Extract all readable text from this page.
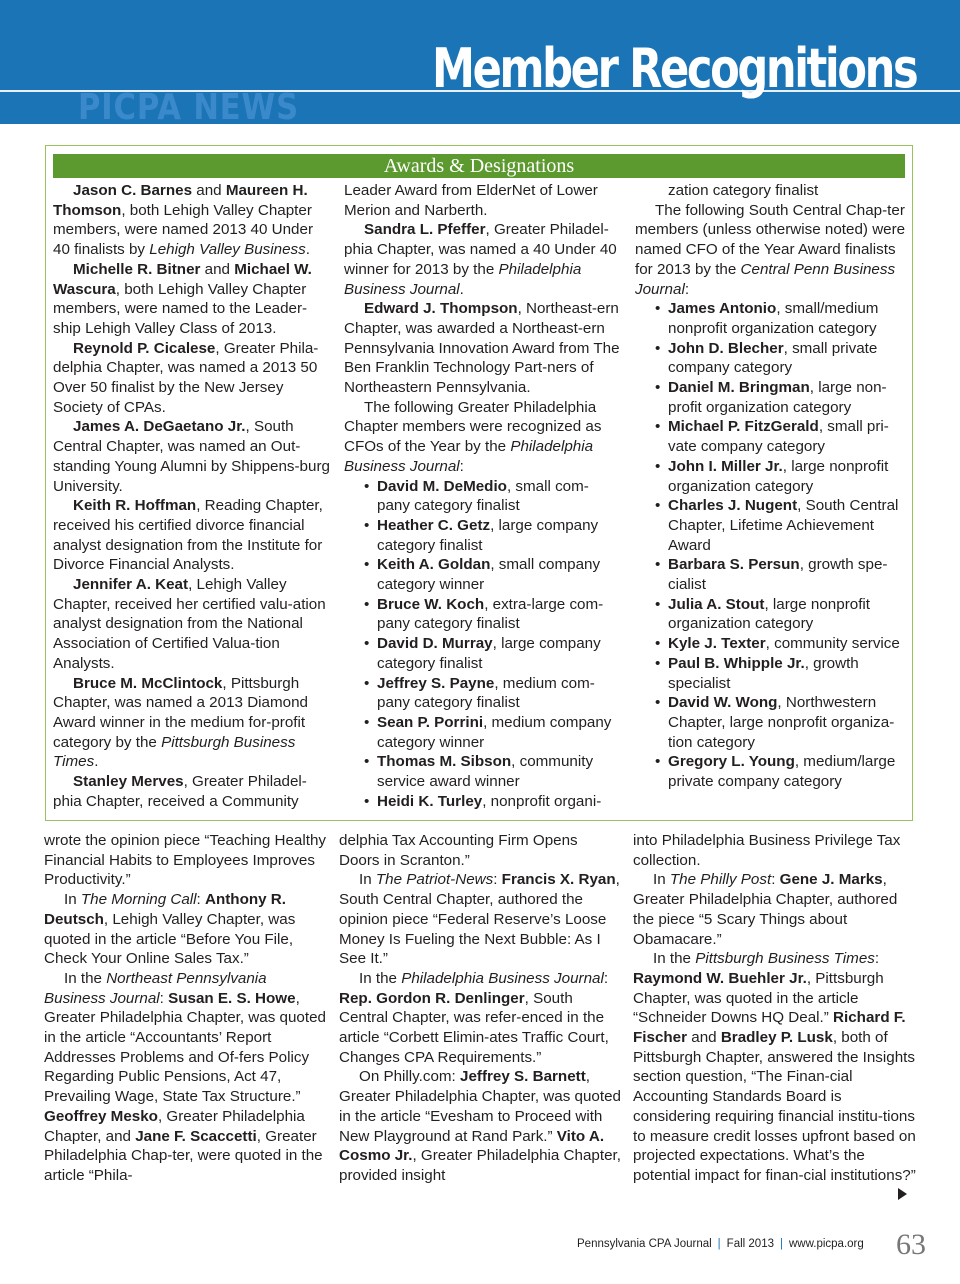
Member Recognitions
PICPA NEWS
Awards & Designations

Jason C. Barnes and Maureen H.

Thomson, both Lehigh Valley Chapter members, were named 2013 40 Under 40 finalists by Lehigh Valley Business.

Michelle R. Bitner and Michael W.

Wascura, both Lehigh Valley Chapter members, were named to the Leader-ship Lehigh Valley Class of 2013.

Reynold P. Cicalese, Greater Phila-delphia Chapter, was named a 2013 50 Over 50 finalist by the New Jersey Society of CPAs.

James A. DeGaetano Jr., South Central Chapter, was named an Out-standing Young Alumni by Shippens-burg University.

Keith R. Hoffman, Reading Chapter, received his certified divorce financial analyst designation from the Institute for Divorce Financial Analysts.

Jennifer A. Keat, Lehigh Valley Chapter, received her certified valu-ation analyst designation from the National Association of Certified Valua-tion Analysts.

Bruce M. McClintock, Pittsburgh Chapter, was named a 2013 Diamond Award winner in the medium for-profit category by the Pittsburgh Business Times.

Stanley Merves, Greater Philadel-phia Chapter, received a Community

Leader Award from ElderNet of Lower Merion and Narberth.

Sandra L. Pfeffer, Greater Philadel-phia Chapter, was named a 40 Under 40 winner for 2013 by the Philadelphia Business Journal.

Edward J. Thompson, Northeast-ern Chapter, was awarded a Northeast-ern Pennsylvania Innovation Award from The Ben Franklin Technology Part-ners of Northeastern Pennsylvania.

The following Greater Philadelphia Chapter members were recognized as CFOs of the Year by the Philadelphia Business Journal:

• David M. DeMedio, small com-pany category finalist
• Heather C. Getz, large company category finalist
• Keith A. Goldan, small company category winner
• Bruce W. Koch, extra-large com-pany category finalist
• David D. Murray, large company category finalist
• Jeffrey S. Payne, medium com-pany category finalist
• Sean P. Porrini, medium company category winner
• Thomas M. Sibson, community service award winner
• Heidi K. Turley, nonprofit organi-

zation category finalist

The following South Central Chap-ter members (unless otherwise noted) were named CFO of the Year Award finalists for 2013 by the Central Penn Business Journal:

• James Antonio, small/medium nonprofit organization category
• John D. Blecher, small private company category
• Daniel M. Bringman, large non-profit organization category
• Michael P. FitzGerald, small pri-vate company category
• John I. Miller Jr., large nonprofit organization category
• Charles J. Nugent, South Central Chapter, Lifetime Achievement Award
• Barbara S. Persun, growth spe-cialist
• Julia A. Stout, large nonprofit organization category
• Kyle J. Texter, community service
• Paul B. Whipple Jr., growth specialist
• David W. Wong, Northwestern Chapter, large nonprofit organiza-tion category
• Gregory L. Young, medium/large private company category

wrote the opinion piece “Teaching Healthy Financial Habits to Employees Improves Productivity.”

In The Morning Call: Anthony R. Deutsch, Lehigh Valley Chapter, was quoted in the article “Before You File, Check Your Online Sales Tax.”

In the Northeast Pennsylvania Business Journal: Susan E. S. Howe, Greater Philadelphia Chapter, was quoted in the article “Accountants’ Report Addresses Problems and Of-fers Policy Regarding Public Pensions, Act 47, Prevailing Wage, State Tax Structure.” Geoffrey Mesko, Greater Philadelphia Chapter, and Jane F. Scaccetti, Greater Philadelphia Chap-ter, were quoted in the article “Phila-

delphia Tax Accounting Firm Opens Doors in Scranton.”

In The Patriot-News: Francis X. Ryan, South Central Chapter, authored the opinion piece “Federal Reserve’s Loose Money Is Fueling the Next Bubble: As I See It.”

In the Philadelphia Business Journal: Rep. Gordon R. Denlinger, South Central Chapter, was refer-enced in the article “Corbett Elimin-ates Traffic Court, Changes CPA Requirements.”

On Philly.com: Jeffrey S. Barnett, Greater Philadelphia Chapter, was quoted in the article “Evesham to Proceed with New Playground at Rand Park.” Vito A. Cosmo Jr., Greater Philadelphia Chapter, provided insight

into Philadelphia Business Privilege Tax collection.

In The Philly Post: Gene J. Marks, Greater Philadelphia Chapter, authored the piece “5 Scary Things about Obamacare.”

In the Pittsburgh Business Times: Raymond W. Buehler Jr., Pittsburgh Chapter, was quoted in the article “Schneider Downs HQ Deal.” Richard F. Fischer and Bradley P. Lusk, both of Pittsburgh Chapter, answered the Insights section question, “The Finan-cial Accounting Standards Board is considering requiring financial institu-tions to measure credit losses upfront based on projected expectations. What’s the potential impact for finan-cial institutions?”

Pennsylvania CPA Journal | Fall 2013 | www.picpa.org 63
